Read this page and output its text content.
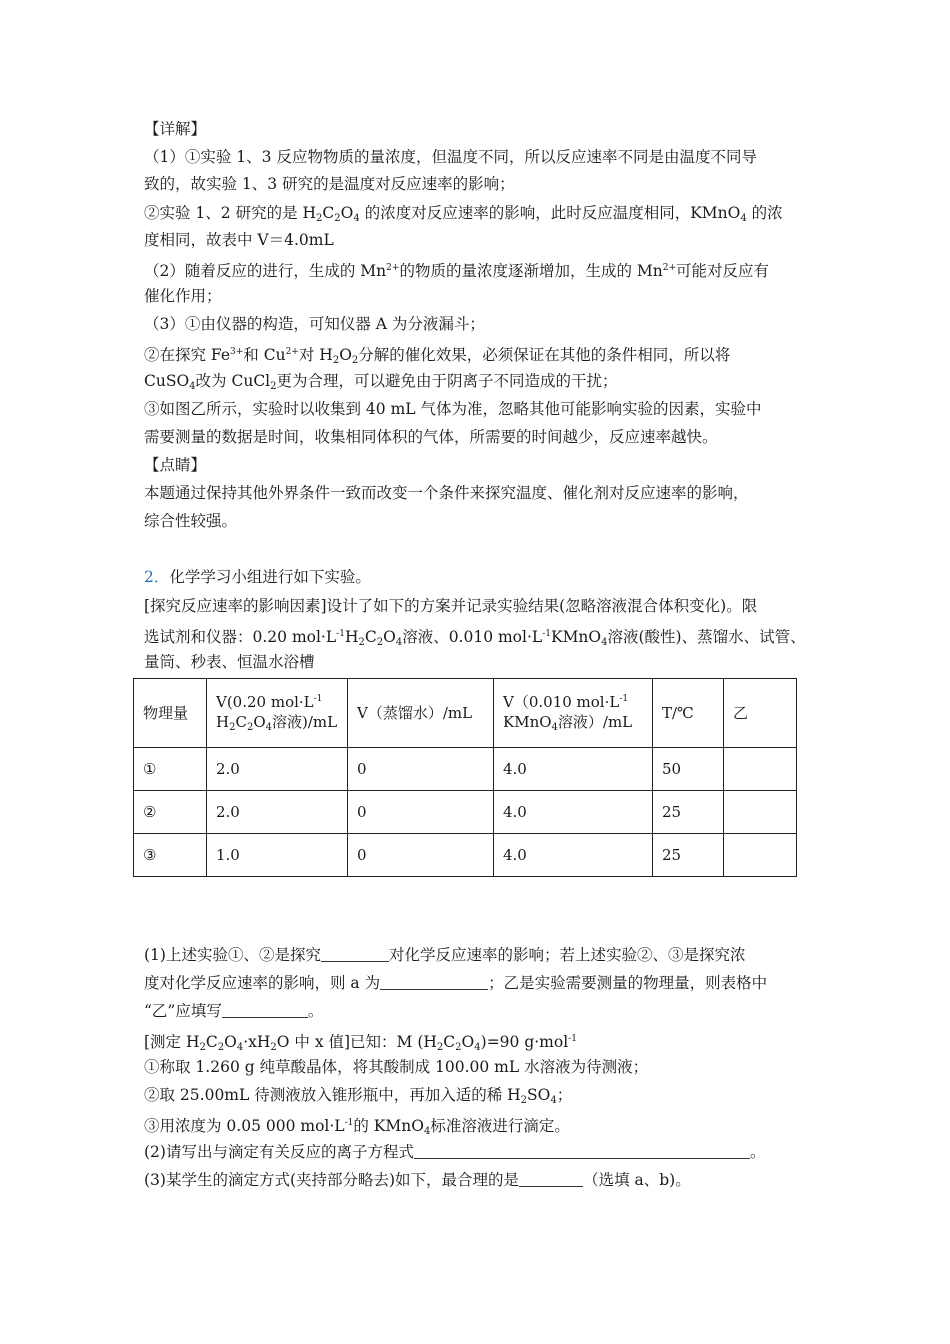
【详解】
（1）①实验 1、3 反应物物质的量浓度，但温度不同，所以反应速率不同是由温度不同导
致的，故实验 1、3 研究的是温度对反应速率的影响；
②实验 1、2 研究的是 $H_2C_2O_4$ 的浓度对反应速率的影响，此时反应温度相同，KMnO$_4$ 的浓
度相同，故表中 V＝4.0mL
（2）随着反应的进行，生成的 $Mn^{2+}$的物质的量浓度逐渐增加，生成的 $Mn^{2+}$可能对反应有
催化作用；
（3）①由仪器的构造，可知仪器 A 为分液漏斗；
②在探究 $Fe^{3+}$和 $Cu^{2+}$对 $H_2O_2$分解的催化效果，必须保证在其他的条件相同，所以将
CuSO$_4$改为 CuCl$_2$更为合理，可以避免由于阴离子不同造成的干扰；
③如图乙所示，实验时以收集到 40 mL 气体为准，忽略其他可能影响实验的因素，实验中
需要测量的数据是时间，收集相同体积的气体，所需要的时间越少，反应速率越快。
【点睛】
本题通过保持其他外界条件一致而改变一个条件来探究温度、催化剂对反应速率的影响，
综合性较强。
2．化学学习小组进行如下实验。
[探究反应速率的影响因素]设计了如下的方案并记录实验结果(忽略溶液混合体积变化)。限
选试剂和仪器：0.20 $mol\cdot L^{-1}H_2C_2O_4$溶液、0.010 $mol\cdot L^{-1}KMnO_4$溶液(酸性)、蒸馏水、试管、
量筒、秒表、恒温水浴槽
物理量	V(0.20 $mol\cdot L^{-1}$
$H_2C_2O_4$溶液)/mL	V（蒸馏水）/mL	V（0.010 $mol\cdot L^{-1}$
KMnO$_4$溶液）/mL	T/℃	乙
①	2.0	0	4.0	50	
②	2.0	0	4.0	25	
③	1.0	0	4.0	25	
(1)上述实验①、②是探究	对化学反应速率的影响；若上述实验②、③是探究浓
度对化学反应速率的影响，则 a 为	；乙是实验需要测量的物理量，则表格中
“乙”应填写	。
[测定 $H_2C_2O_4\cdot xH_2O$ 中 x 值]已知：M $(H_2C_2O_4)=90$ g·mol$^{-1}$
①称取 1.260 g 纯草酸晶体，将其酸制成 100.00 mL 水溶液为待测液；
②取 25.00mL 待测液放入锥形瓶中，再加入适的稀 $H_2SO_4$；
③用浓度为 0.05 000 $mol\cdot L^{-1}$的 KMnO$_4$标准溶液进行滴定。
(2)请写出与滴定有关反应的离子方程式	。
(3)某学生的滴定方式(夹持部分略去)如下，最合理的是	（选填 a、b)。
